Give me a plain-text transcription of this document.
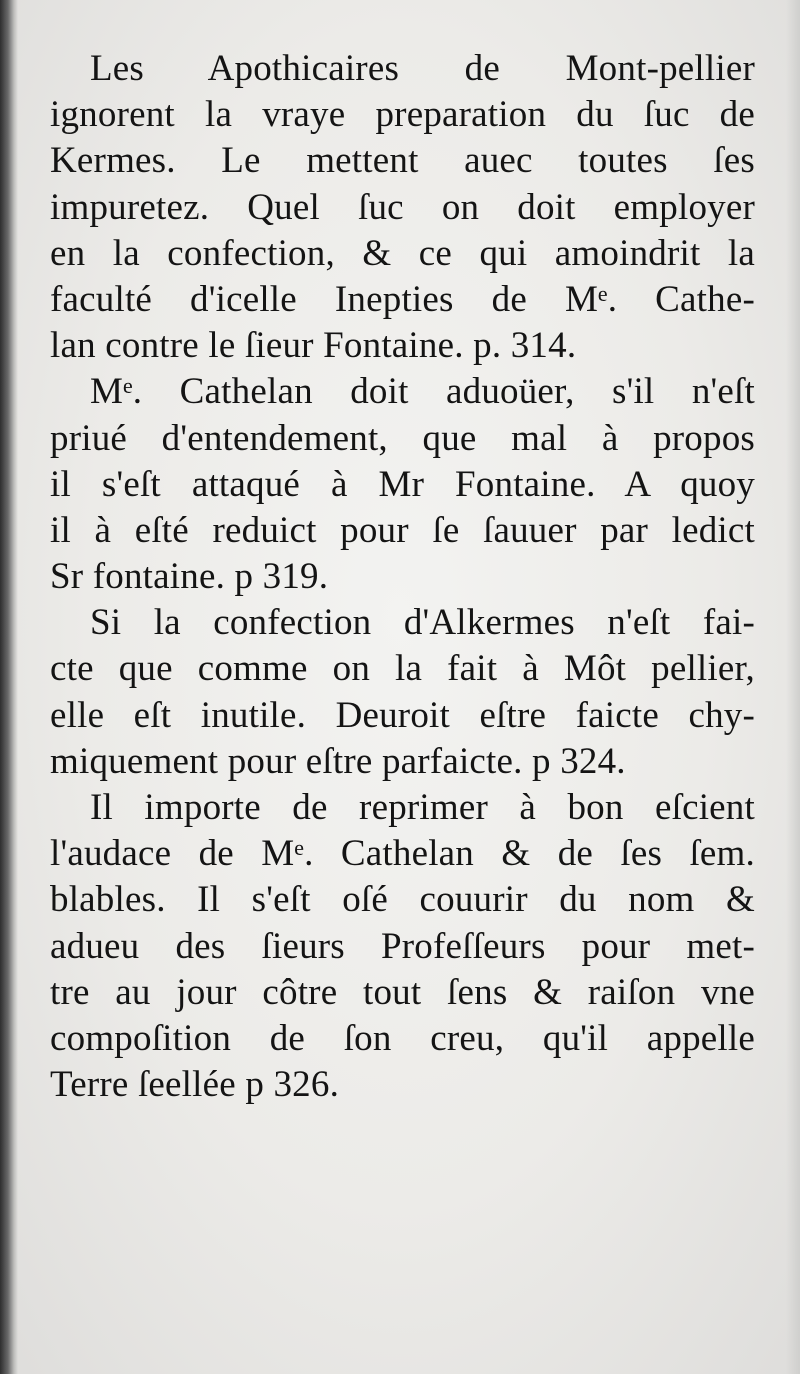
Les Apothicaires de Mont-pellier
ignorent la vraye preparation du ſuc de
Kermes. Le mettent auec toutes ſes
impuretez. Quel ſuc on doit employer
en la confection, & ce qui amoindrit la
faculté d'icelle Inepties de Mᵉ. Cathe-
lan contre le ſieur Fontaine. p. 314.
Mᵉ. Cathelan doit aduoüer, s'il n'eſt
priué d'entendement, que mal à propos
il s'eſt attaqué à Mr Fontaine. A quoy
il à eſté reduict pour ſe ſauuer par ledict
Sr fontaine. p 319.
Si la confection d'Alkermes n'eſt fai-
cte que comme on la fait à Môt pellier,
elle eſt inutile. Deuroit eſtre faicte chy-
miquement pour eſtre parfaicte. p 324.
Il importe de reprimer à bon eſcient
l'audace de Mᵉ. Cathelan & de ſes ſem.
blables. Il s'eſt oſé couurir du nom &
adueu des ſieurs Profeſſeurs pour met-
tre au jour côtre tout ſens & raiſon vne
compoſition de ſon creu, qu'il appelle
Terre ſeellée p 326.
